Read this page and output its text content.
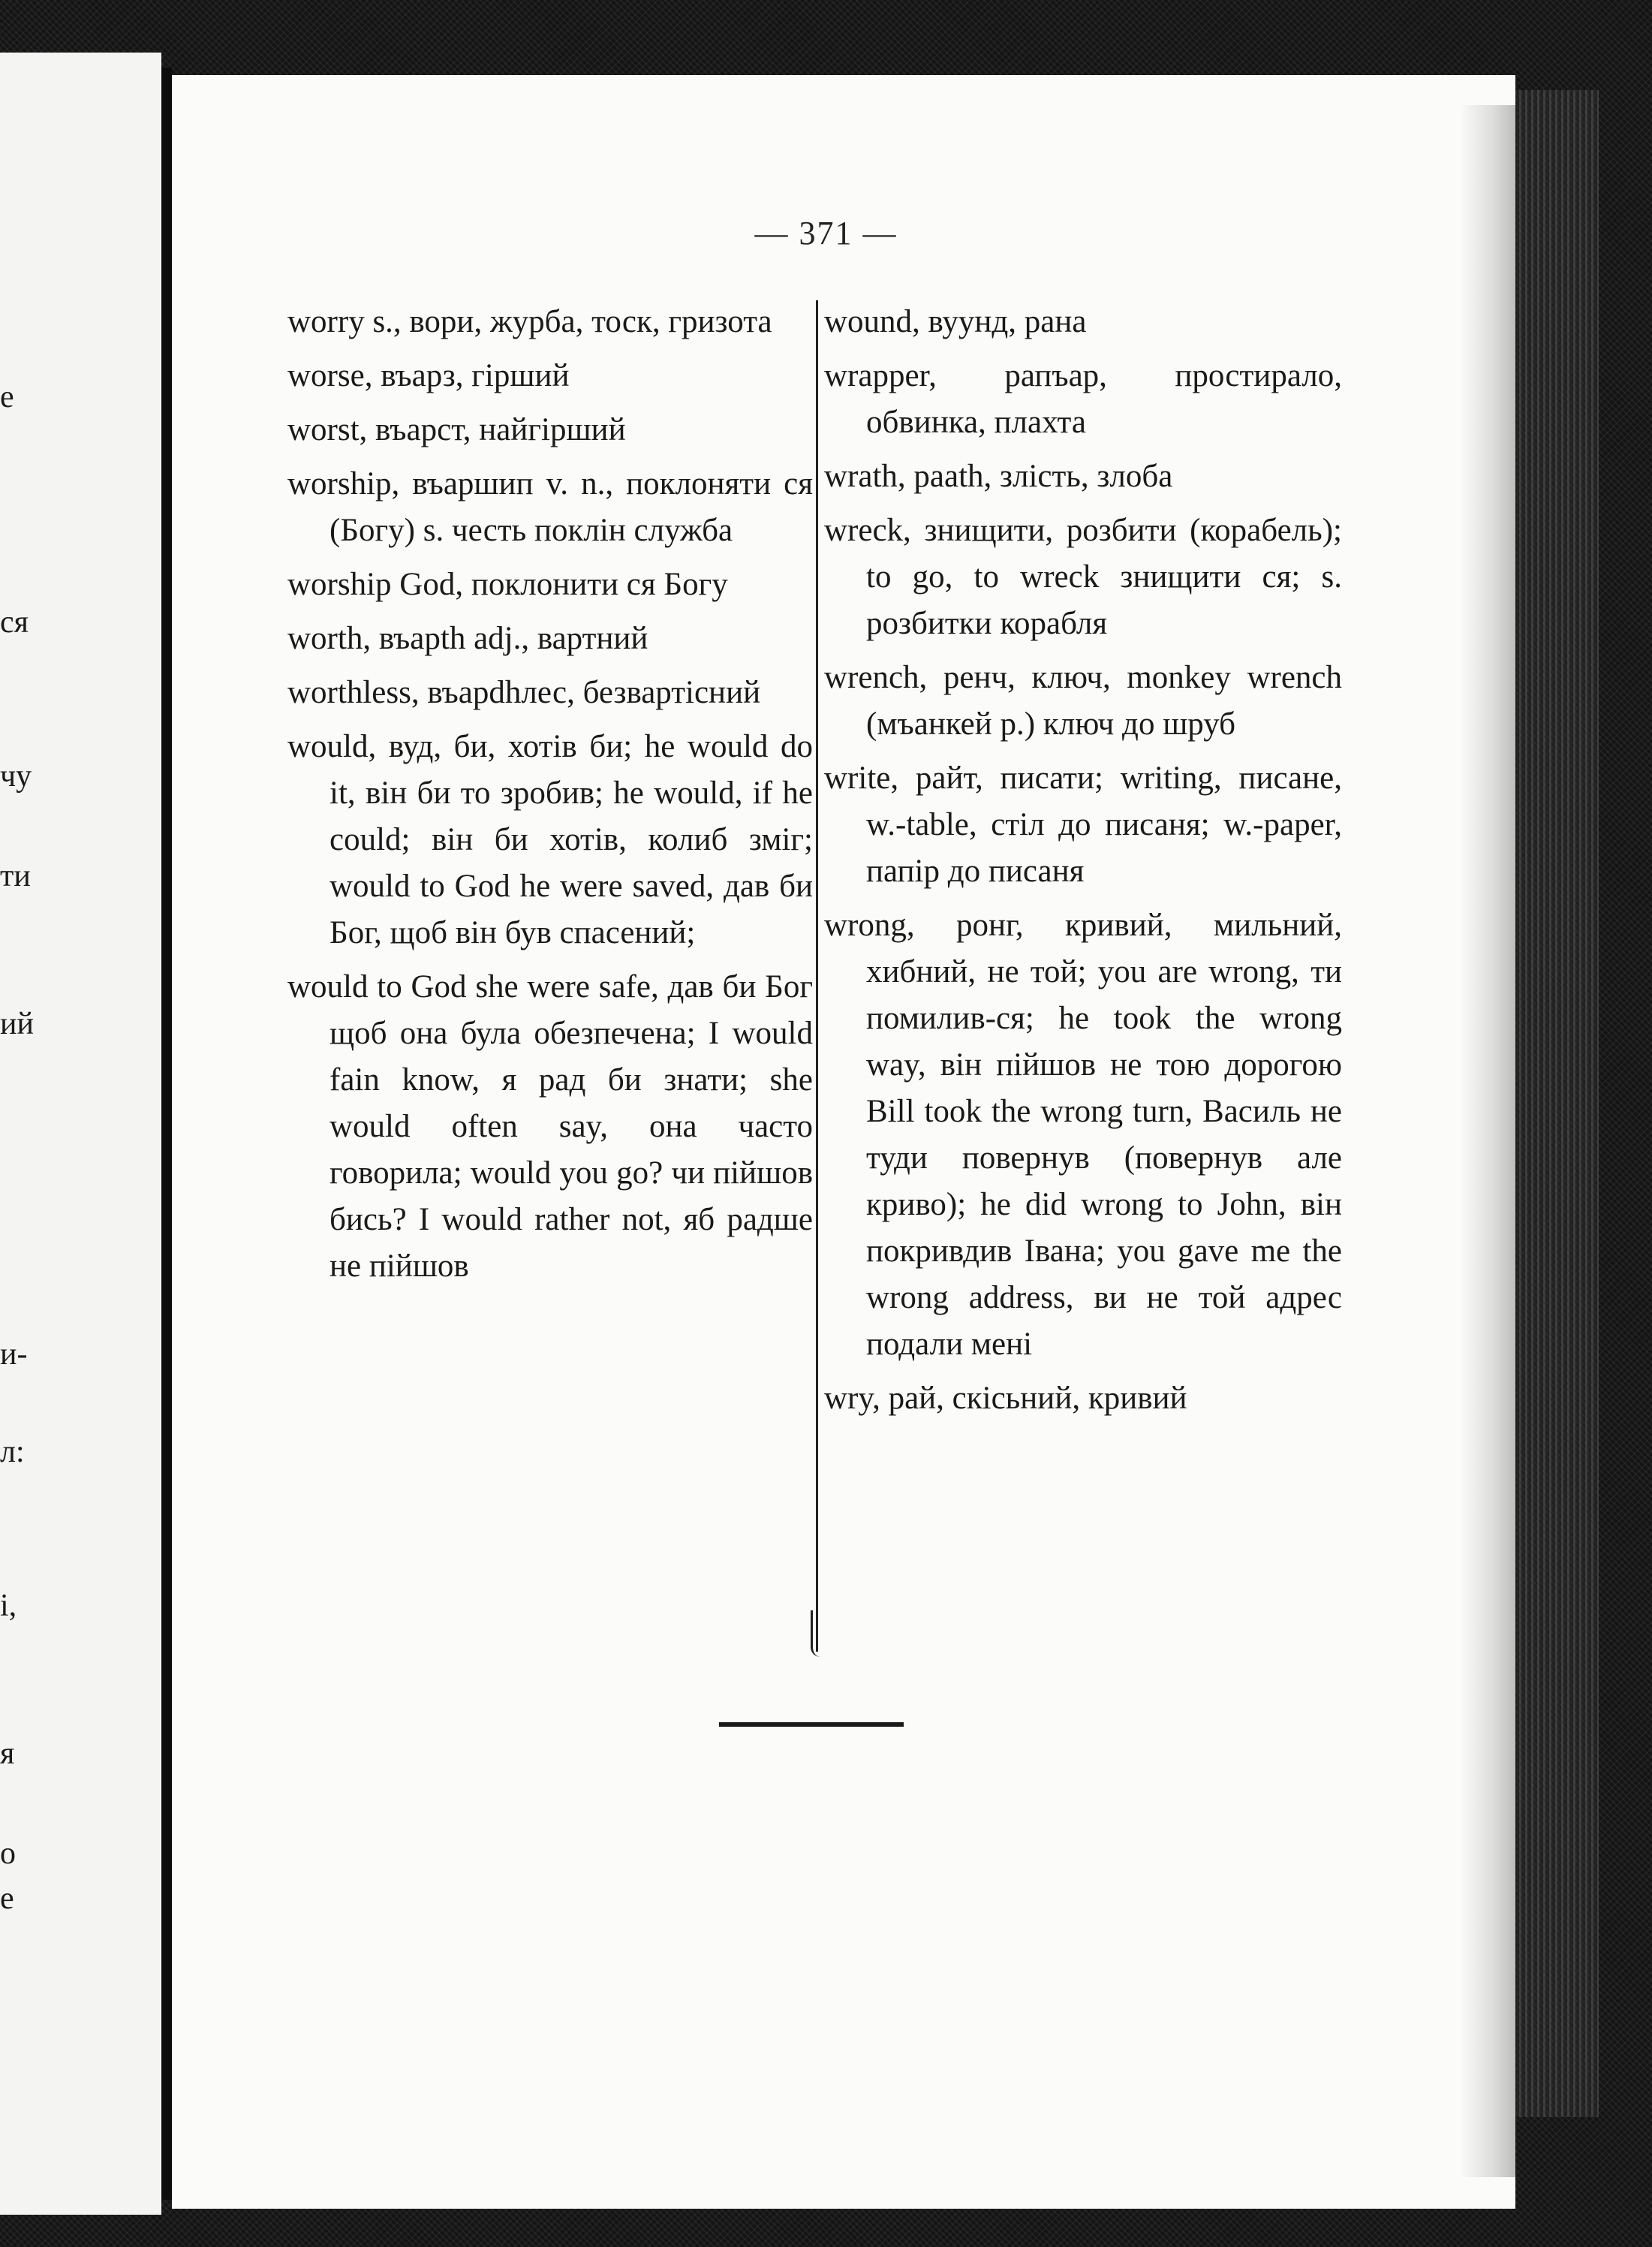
e
ся
чу
ти
ий
и-
л:
і,
я
о
е
— 371 —

worry s., вори, журба, тоск, гризота

worse, въарз, гірший

worst, въарст, найгірший

worship, въаршип v. n., поклоняти ся (Богу) s. честь поклін служба

worship God, поклонити ся Богу

worth, въарth adj., вартний

worthless, въарdhлес, безвартісний

would, вуд, би, хотів би; he would do it, він би то зробив; he would, if he could; він би хотів, колиб зміг; would to God he were saved, дав би Бог, щоб він був спасений;

would to God she were safe, дав би Бог щоб она була обезпечена; I would fain know, я рад би знати; she would often say, она часто говорила; would you go? чи пійшов бись? I would rather not, яб радше не пійшов

wound, вуунд, рана

wrapper, рапъар, простирало, обвинка, плахта

wrath, раath, злість, злоба

wreck, знищити, розбити (корабель); to go, to wreck знищити ся; s. розбитки корабля

wrench, ренч, ключ, monkey wrench (мъанкей р.) ключ до шруб

write, райт, писати; writing, писане, w.-table, стіл до писаня; w.-paper, папір до писаня

wrong, ронг, кривий, мильний, хибний, не той; you are wrong, ти помилив-ся; he took the wrong way, він пійшов не тою дорогою Bill took the wrong turn, Василь не туди повернув (повернув але криво); he did wrong to John, він покривдив Івана; you gave me the wrong address, ви не той адрес подали мені

wry, рай, скісьний, кривий
